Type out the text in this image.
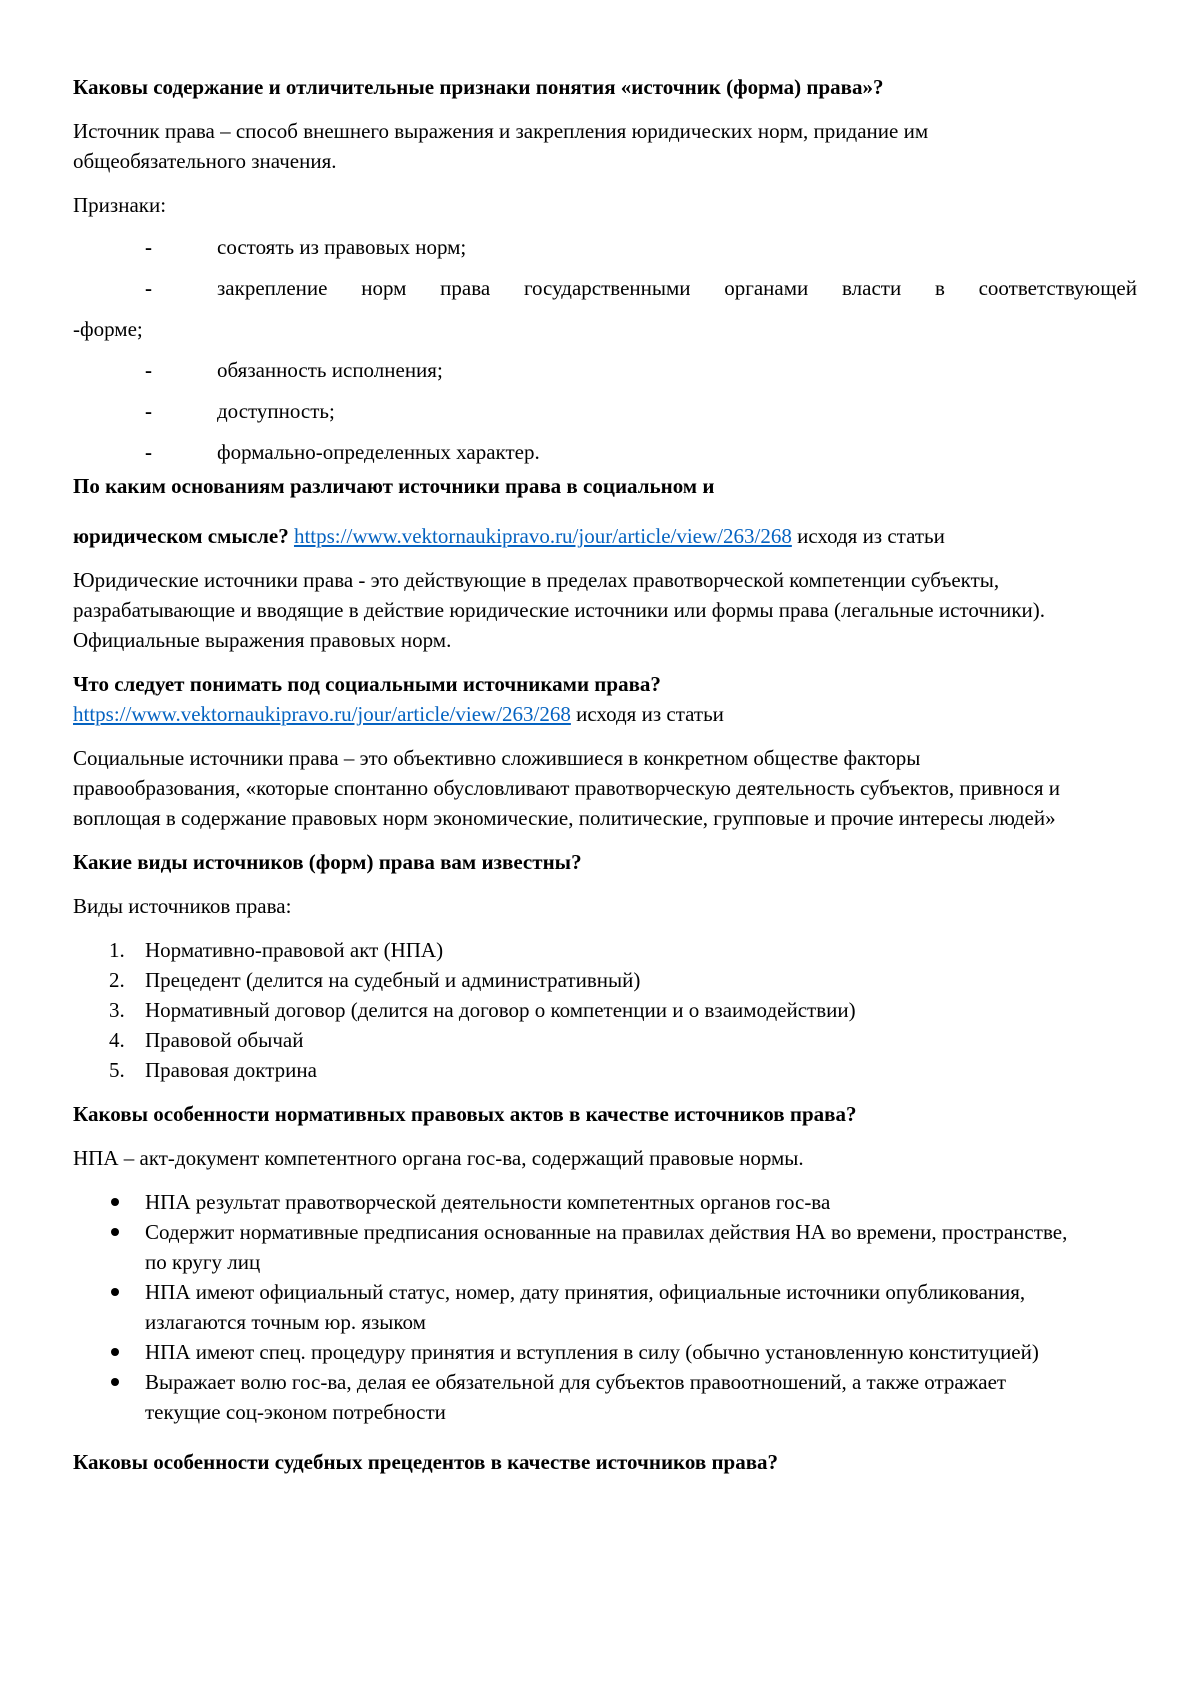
Каковы содержание и отличительные признаки понятия «источник (форма) права»?

Источник права – способ внешнего выражения и закрепления юридических норм, придание им общеобязательного значения.

Признаки:

-	состоять из правовых норм;
-	закрепление норм права государственными органами власти в соответствующей
-форме;
-	обязанность исполнения;
-	доступность;
-	формально-определенных характер.

По каким основаниям различают источники права в социальном и

юридическом смысле? https://www.vektornaukipravo.ru/jour/article/view/263/268 исходя из статьи

Юридические источники права - это действующие в пределах правотворческой компетенции субъекты, разрабатывающие и вводящие в действие юридические источники или формы права (легальные источники). Официальные выражения правовых норм.

Что следует понимать под социальными источниками права?

https://www.vektornaukipravo.ru/jour/article/view/263/268 исходя из статьи

Социальные источники права – это объективно сложившиеся в конкретном обществе факторы правообразования, «которые спонтанно обусловливают правотворческую деятельность субъектов, привнося и воплощая в содержание правовых норм экономические, политические, групповые и прочие интересы людей»

Какие виды источников (форм) права вам известны?

Виды источников права:

1. Нормативно-правовой акт (НПА)
2. Прецедент (делится на судебный и административный)
3. Нормативный договор (делится на договор о компетенции и о взаимодействии)
4. Правовой обычай
5. Правовая доктрина

Каковы особенности нормативных правовых актов в качестве источников права?

НПА – акт-документ компетентного органа гос-ва, содержащий правовые нормы.

НПА результат правотворческой деятельности компетентных органов гос-ва
Содержит нормативные предписания основанные на правилах действия НА во времени, пространстве, по кругу лиц
НПА имеют официальный статус, номер, дату принятия, официальные источники опубликования, излагаются точным юр. языком
НПА имеют спец. процедуру принятия и вступления в силу (обычно установленную конституцией)
Выражает волю гос-ва, делая ее обязательной для субъектов правоотношений, а также отражает текущие соц-эконом потребности

Каковы особенности судебных прецедентов в качестве источников права?
